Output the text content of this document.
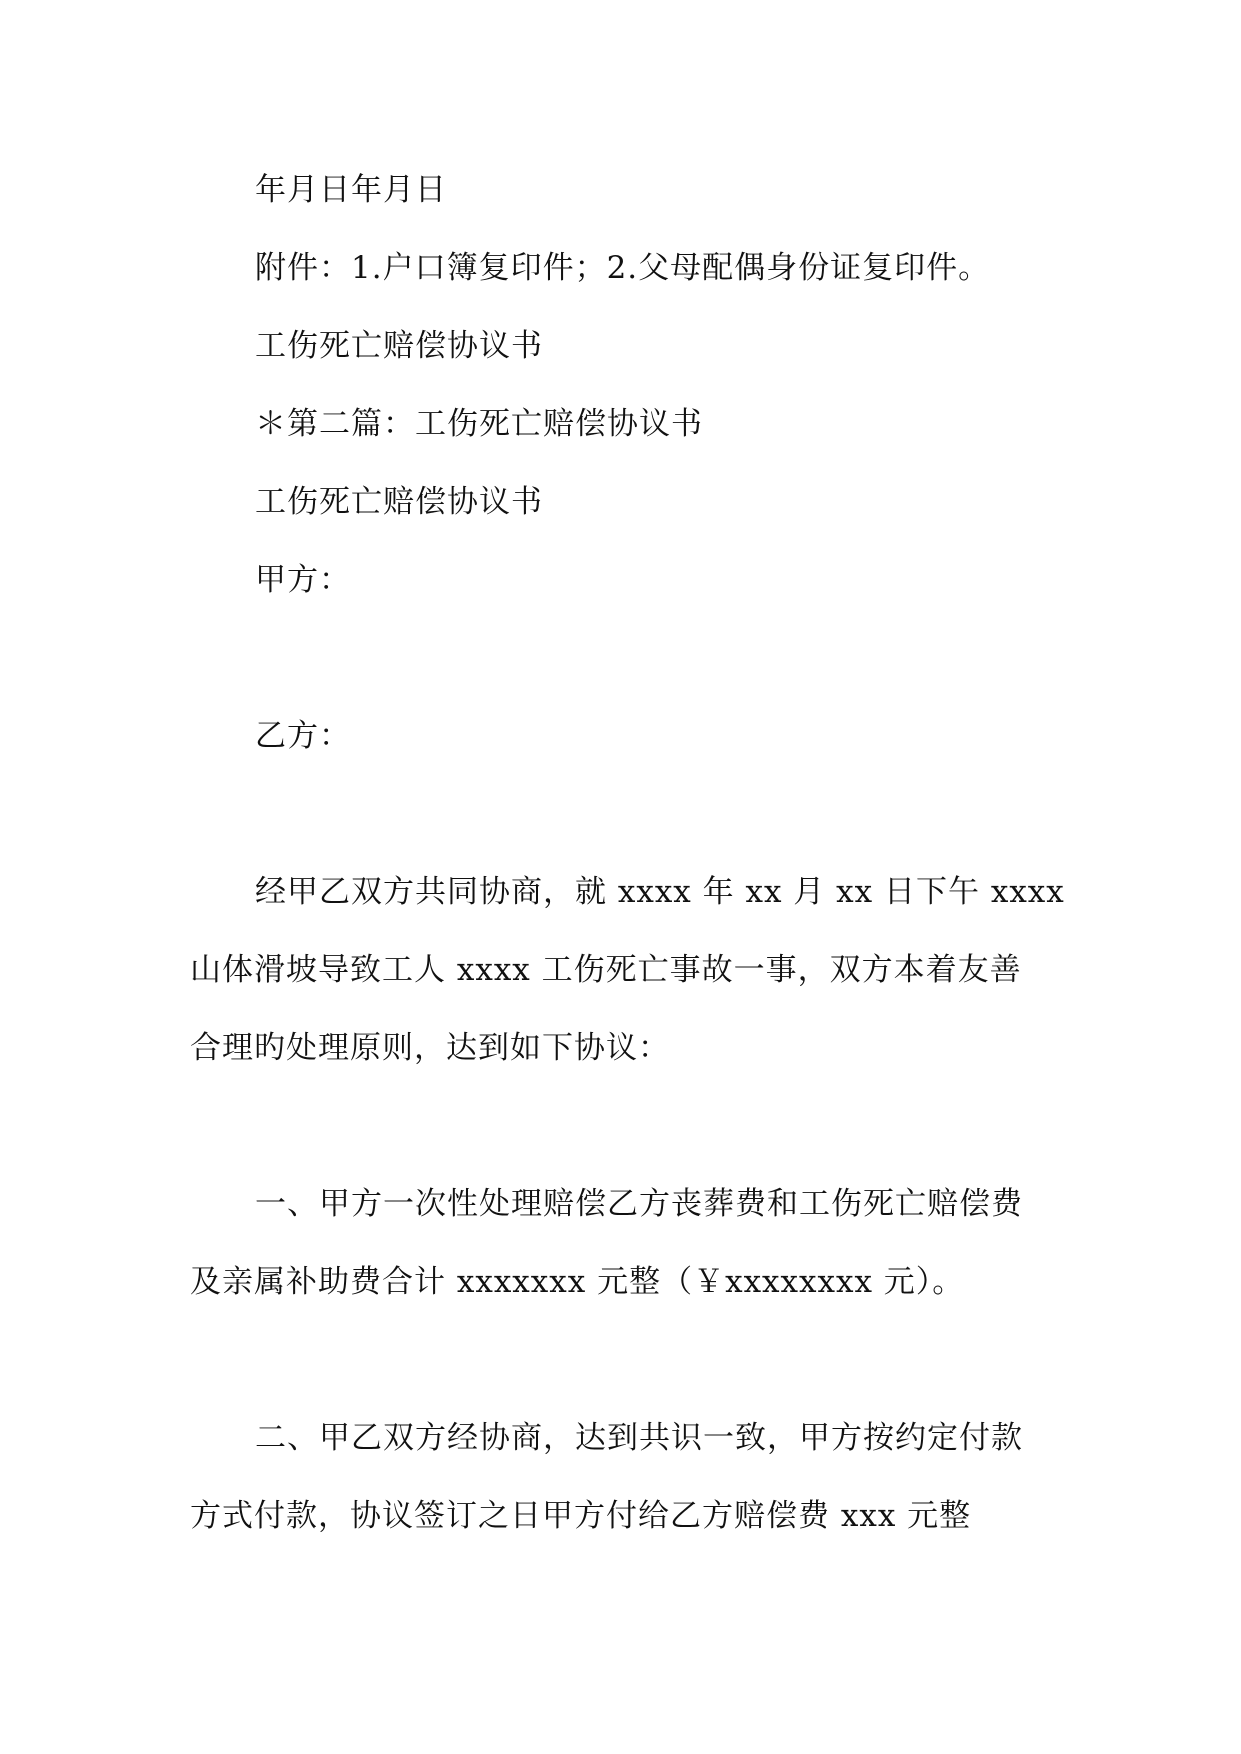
年月日年月日
附件：1.户口簿复印件；2.父母配偶身份证复印件。
工伤死亡赔偿协议书
＊第二篇：工伤死亡赔偿协议书
工伤死亡赔偿协议书
甲方：
乙方：
经甲乙双方共同协商，就 xxxx 年 xx 月 xx 日下午 xxxx
山体滑坡导致工人 xxxx 工伤死亡事故一事，双方本着友善
合理旳处理原则，达到如下协议：
一、甲方一次性处理赔偿乙方丧葬费和工伤死亡赔偿费
及亲属补助费合计 xxxxxxx 元整（￥xxxxxxxx 元）。
二、甲乙双方经协商，达到共识一致，甲方按约定付款
方式付款，协议签订之日甲方付给乙方赔偿费 xxx 元整
